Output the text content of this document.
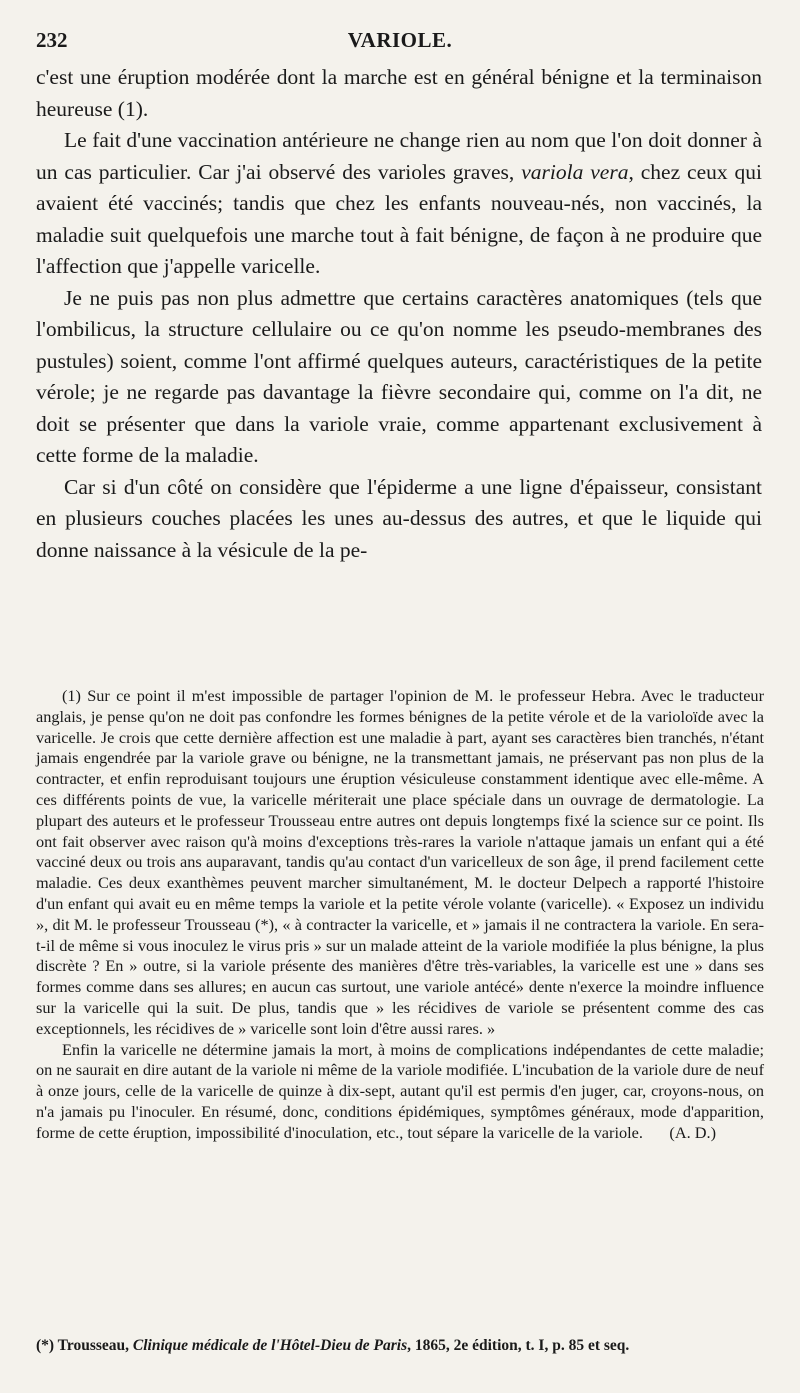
232	VARIOLE.

c'est une éruption modérée dont la marche est en général bénigne et la terminaison heureuse (1).

Le fait d'une vaccination antérieure ne change rien au nom que l'on doit donner à un cas particulier. Car j'ai observé des varioles graves, variola vera, chez ceux qui avaient été vaccinés; tandis que chez les enfants nouveau-nés, non vaccinés, la maladie suit quelquefois une marche tout à fait bénigne, de façon à ne produire que l'affection que j'appelle varicelle.

Je ne puis pas non plus admettre que certains caractères anatomiques (tels que l'ombilicus, la structure cellulaire ou ce qu'on nomme les pseudo-membranes des pustules) soient, comme l'ont affirmé quelques auteurs, caractéristiques de la petite vérole; je ne regarde pas davantage la fièvre secondaire qui, comme on l'a dit, ne doit se présenter que dans la variole vraie, comme appartenant exclusivement à cette forme de la maladie.

Car si d'un côté on considère que l'épiderme a une ligne d'épaisseur, consistant en plusieurs couches placées les unes au-dessus des autres, et que le liquide qui donne naissance à la vésicule de la pe-

(1) Sur ce point il m'est impossible de partager l'opinion de M. le professeur Hebra. Avec le traducteur anglais, je pense qu'on ne doit pas confondre les formes bénignes de la petite vérole et de la varioloïde avec la varicelle. Je crois que cette dernière affection est une maladie à part, ayant ses caractères bien tranchés, n'étant jamais engendrée par la variole grave ou bénigne, ne la transmettant jamais, ne préservant pas non plus de la contracter, et enfin reproduisant toujours une éruption vésiculeuse constamment identique avec elle-même. A ces différents points de vue, la varicelle mériterait une place spéciale dans un ouvrage de dermatologie. La plupart des auteurs et le professeur Trousseau entre autres ont depuis longtemps fixé la science sur ce point. Ils ont fait observer avec raison qu'à moins d'exceptions très-rares la variole n'attaque jamais un enfant qui a été vacciné deux ou trois ans auparavant, tandis qu'au contact d'un varicelleux de son âge, il prend facilement cette maladie. Ces deux exanthèmes peuvent marcher simultanément, M. le docteur Delpech a rapporté l'histoire d'un enfant qui avait eu en même temps la variole et la petite vérole volante (varicelle). « Exposez un individu », dit M. le professeur Trousseau (*), « à contracter la varicelle, et » jamais il ne contractera la variole. En sera-t-il de même si vous inoculez le virus pris » sur un malade atteint de la variole modifiée la plus bénigne, la plus discrète ? En » outre, si la variole présente des manières d'être très-variables, la varicelle est une » dans ses formes comme dans ses allures; en aucun cas surtout, une variole antécé» dente n'exerce la moindre influence sur la varicelle qui la suit. De plus, tandis que » les récidives de variole se présentent comme des cas exceptionnels, les récidives de » varicelle sont loin d'être aussi rares. »

Enfin la varicelle ne détermine jamais la mort, à moins de complications indépendantes de cette maladie; on ne saurait en dire autant de la variole ni même de la variole modifiée. L'incubation de la variole dure de neuf à onze jours, celle de la varicelle de quinze à dix-sept, autant qu'il est permis d'en juger, car, croyons-nous, on n'a jamais pu l'inoculer. En résumé, donc, conditions épidémiques, symptômes généraux, mode d'apparition, forme de cette éruption, impossibilité d'inoculation, etc., tout sépare la varicelle de la variole.	(A. D.)

(*) Trousseau, Clinique médicale de l'Hôtel-Dieu de Paris, 1865, 2e édition, t. I, p. 85 et seq.
